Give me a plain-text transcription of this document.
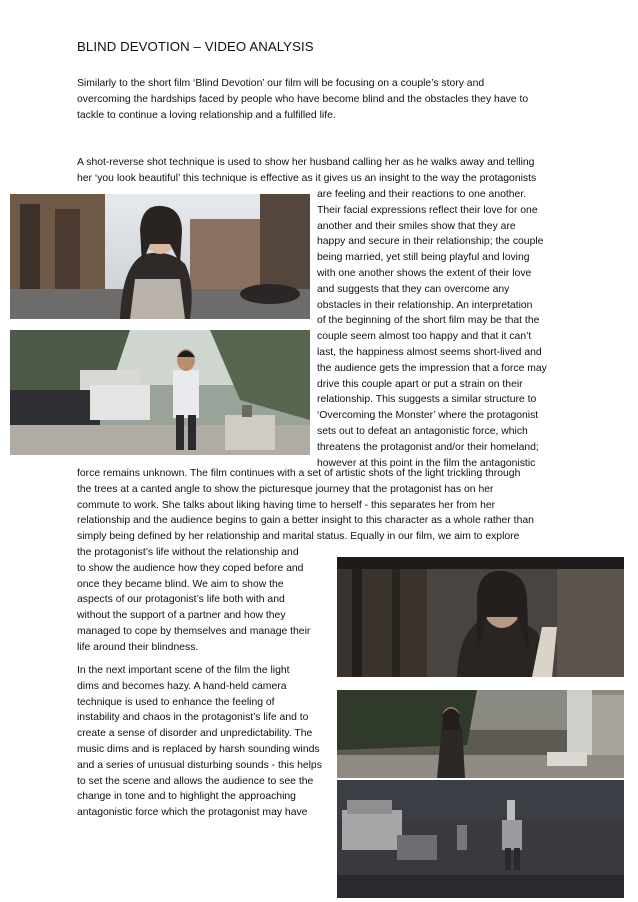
BLIND DEVOTION – VIDEO ANALYSIS
Similarly to the short film ‘Blind Devotion’ our film will be focusing on a couple’s story and
overcoming the hardships faced by people who have become blind and the obstacles they have to
tackle to continue a loving relationship and a fulfilled life.
A shot-reverse shot technique is used to show her husband calling her as he walks away and telling
her ‘you look beautiful’ this technique is effective as it gives us an insight to the way the protagonists
are feeling and their reactions to one another.
Their facial expressions reflect their love for one
another and their smiles show that they are
happy and secure in their relationship; the couple
being married, yet still being playful and loving
with one another shows the extent of their love
and suggests that they can overcome any
obstacles in their relationship. An interpretation
of the beginning of the short film may be that the
couple seem almost too happy and that it can’t
last, the happiness almost seems short-lived and
the audience gets the impression that a force may
drive this couple apart or put a strain on their
relationship. This suggests a similar structure to
‘Overcoming the Monster’ where the protagonist
sets out to defeat an antagonistic force, which
threatens the protagonist and/or their homeland;
however at this point in the film the antagonistic
force remains unknown. The film continues with a set of artistic shots of the light trickling through
the trees at a canted angle to show the picturesque journey that the protagonist has on her
commute to work. She talks about liking having time to herself - this separates her from her
relationship and the audience begins to gain a better insight to this character as a whole rather than
simply being defined by her relationship and marital status. Equally in our film, we aim to explore
the protagonist’s life without the relationship and
to show the audience how they coped before and
once they became blind. We aim to show the
aspects of our protagonist’s life both with and
without the support of a partner and how they
managed to cope by themselves and manage their
life around their blindness.
In the next important scene of the film the light
dims and becomes hazy. A hand-held camera
technique is used to enhance the feeling of
instability and chaos in the protagonist’s life and to
create a sense of disorder and unpredictability. The
music dims and is replaced by harsh sounding winds
and a series of unusual disturbing sounds - this helps
to set the scene and allows the audience to see the
change in tone and to highlight the approaching
antagonistic force which the protagonist may have
